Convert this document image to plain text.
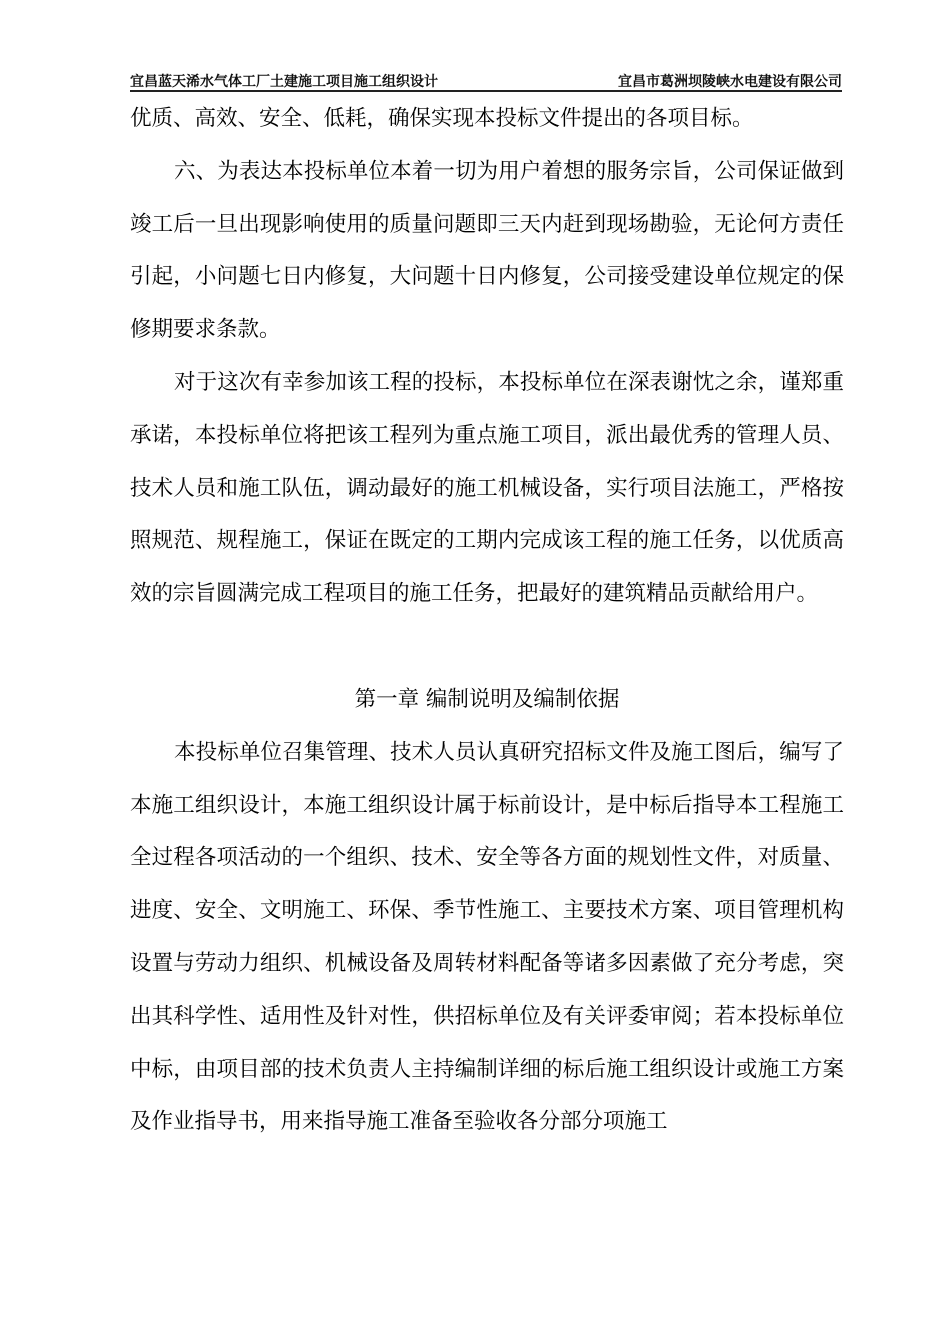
宜昌蓝天浠水气体工厂土建施工项目施工组织设计	宜昌市葛洲坝陵峡水电建设有限公司

优质、高效、安全、低耗，确保实现本投标文件提出的各项目标。

六、为表达本投标单位本着一切为用户着想的服务宗旨，公司保证做到竣工后一旦出现影响使用的质量问题即三天内赶到现场勘验，无论何方责任引起，小问题七日内修复，大问题十日内修复，公司接受建设单位规定的保修期要求条款。

对于这次有幸参加该工程的投标，本投标单位在深表谢忱之余，谨郑重承诺，本投标单位将把该工程列为重点施工项目，派出最优秀的管理人员、技术人员和施工队伍，调动最好的施工机械设备，实行项目法施工，严格按照规范、规程施工，保证在既定的工期内完成该工程的施工任务，以优质高效的宗旨圆满完成工程项目的施工任务，把最好的建筑精品贡献给用户。

第一章 编制说明及编制依据

本投标单位召集管理、技术人员认真研究招标文件及施工图后，编写了本施工组织设计，本施工组织设计属于标前设计，是中标后指导本工程施工全过程各项活动的一个组织、技术、安全等各方面的规划性文件，对质量、进度、安全、文明施工、环保、季节性施工、主要技术方案、项目管理机构设置与劳动力组织、机械设备及周转材料配备等诸多因素做了充分考虑，突出其科学性、适用性及针对性，供招标单位及有关评委审阅；若本投标单位中标，由项目部的技术负责人主持编制详细的标后施工组织设计或施工方案及作业指导书，用来指导施工准备至验收各分部分项施工
